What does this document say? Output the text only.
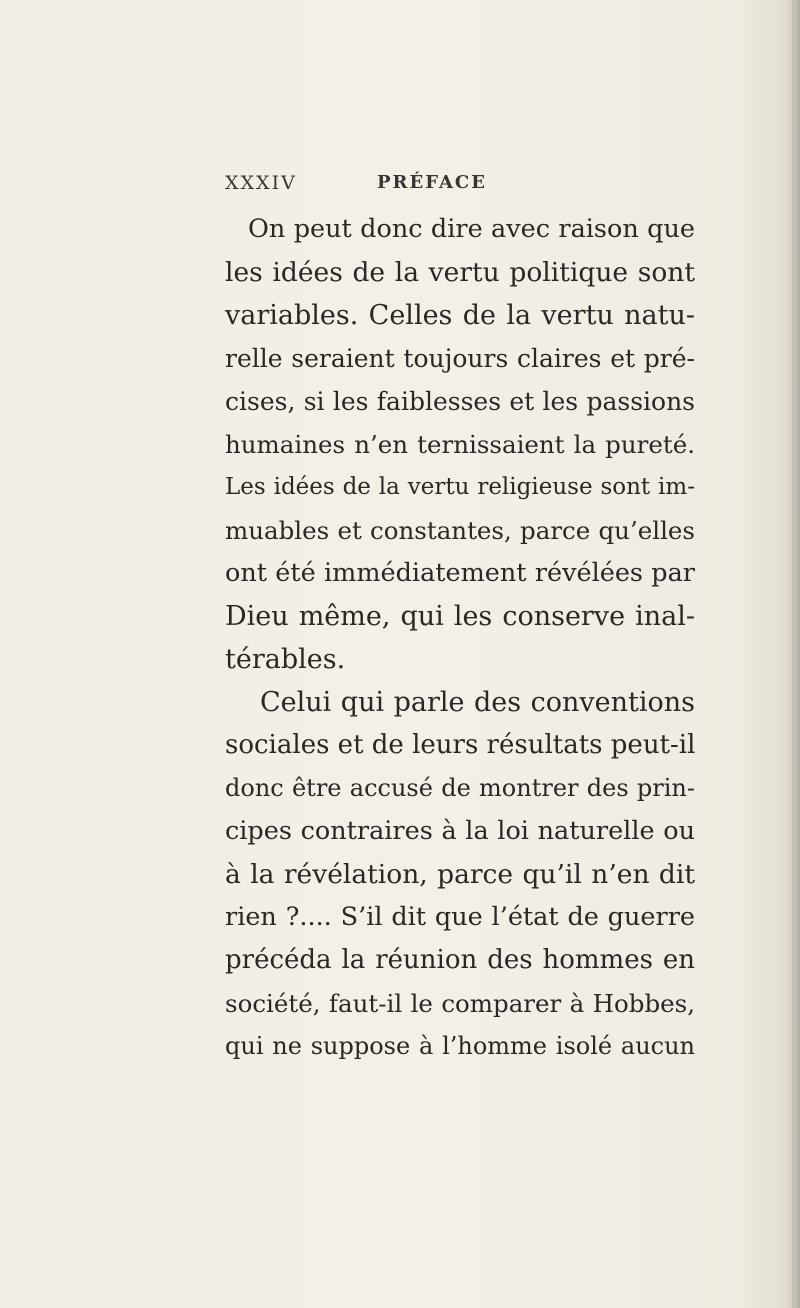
XXXIV	PRÉFACE
On peut donc dire avec raison que
les idées de la vertu politique sont
variables. Celles de la vertu natu-
relle seraient toujours claires et pré-
cises, si les faiblesses et les passions
humaines n’en ternissaient la pureté.
Les idées de la vertu religieuse sont im-
muables et constantes, parce qu’elles
ont été immédiatement révélées par
Dieu même, qui les conserve inal-
térables.
Celui qui parle des conventions
sociales et de leurs résultats peut-il
donc être accusé de montrer des prin-
cipes contraires à la loi naturelle ou
à la révélation, parce qu’il n’en dit
rien ?.... S’il dit que l’état de guerre
précéda la réunion des hommes en
société, faut-il le comparer à Hobbes,
qui ne suppose à l’homme isolé aucun
